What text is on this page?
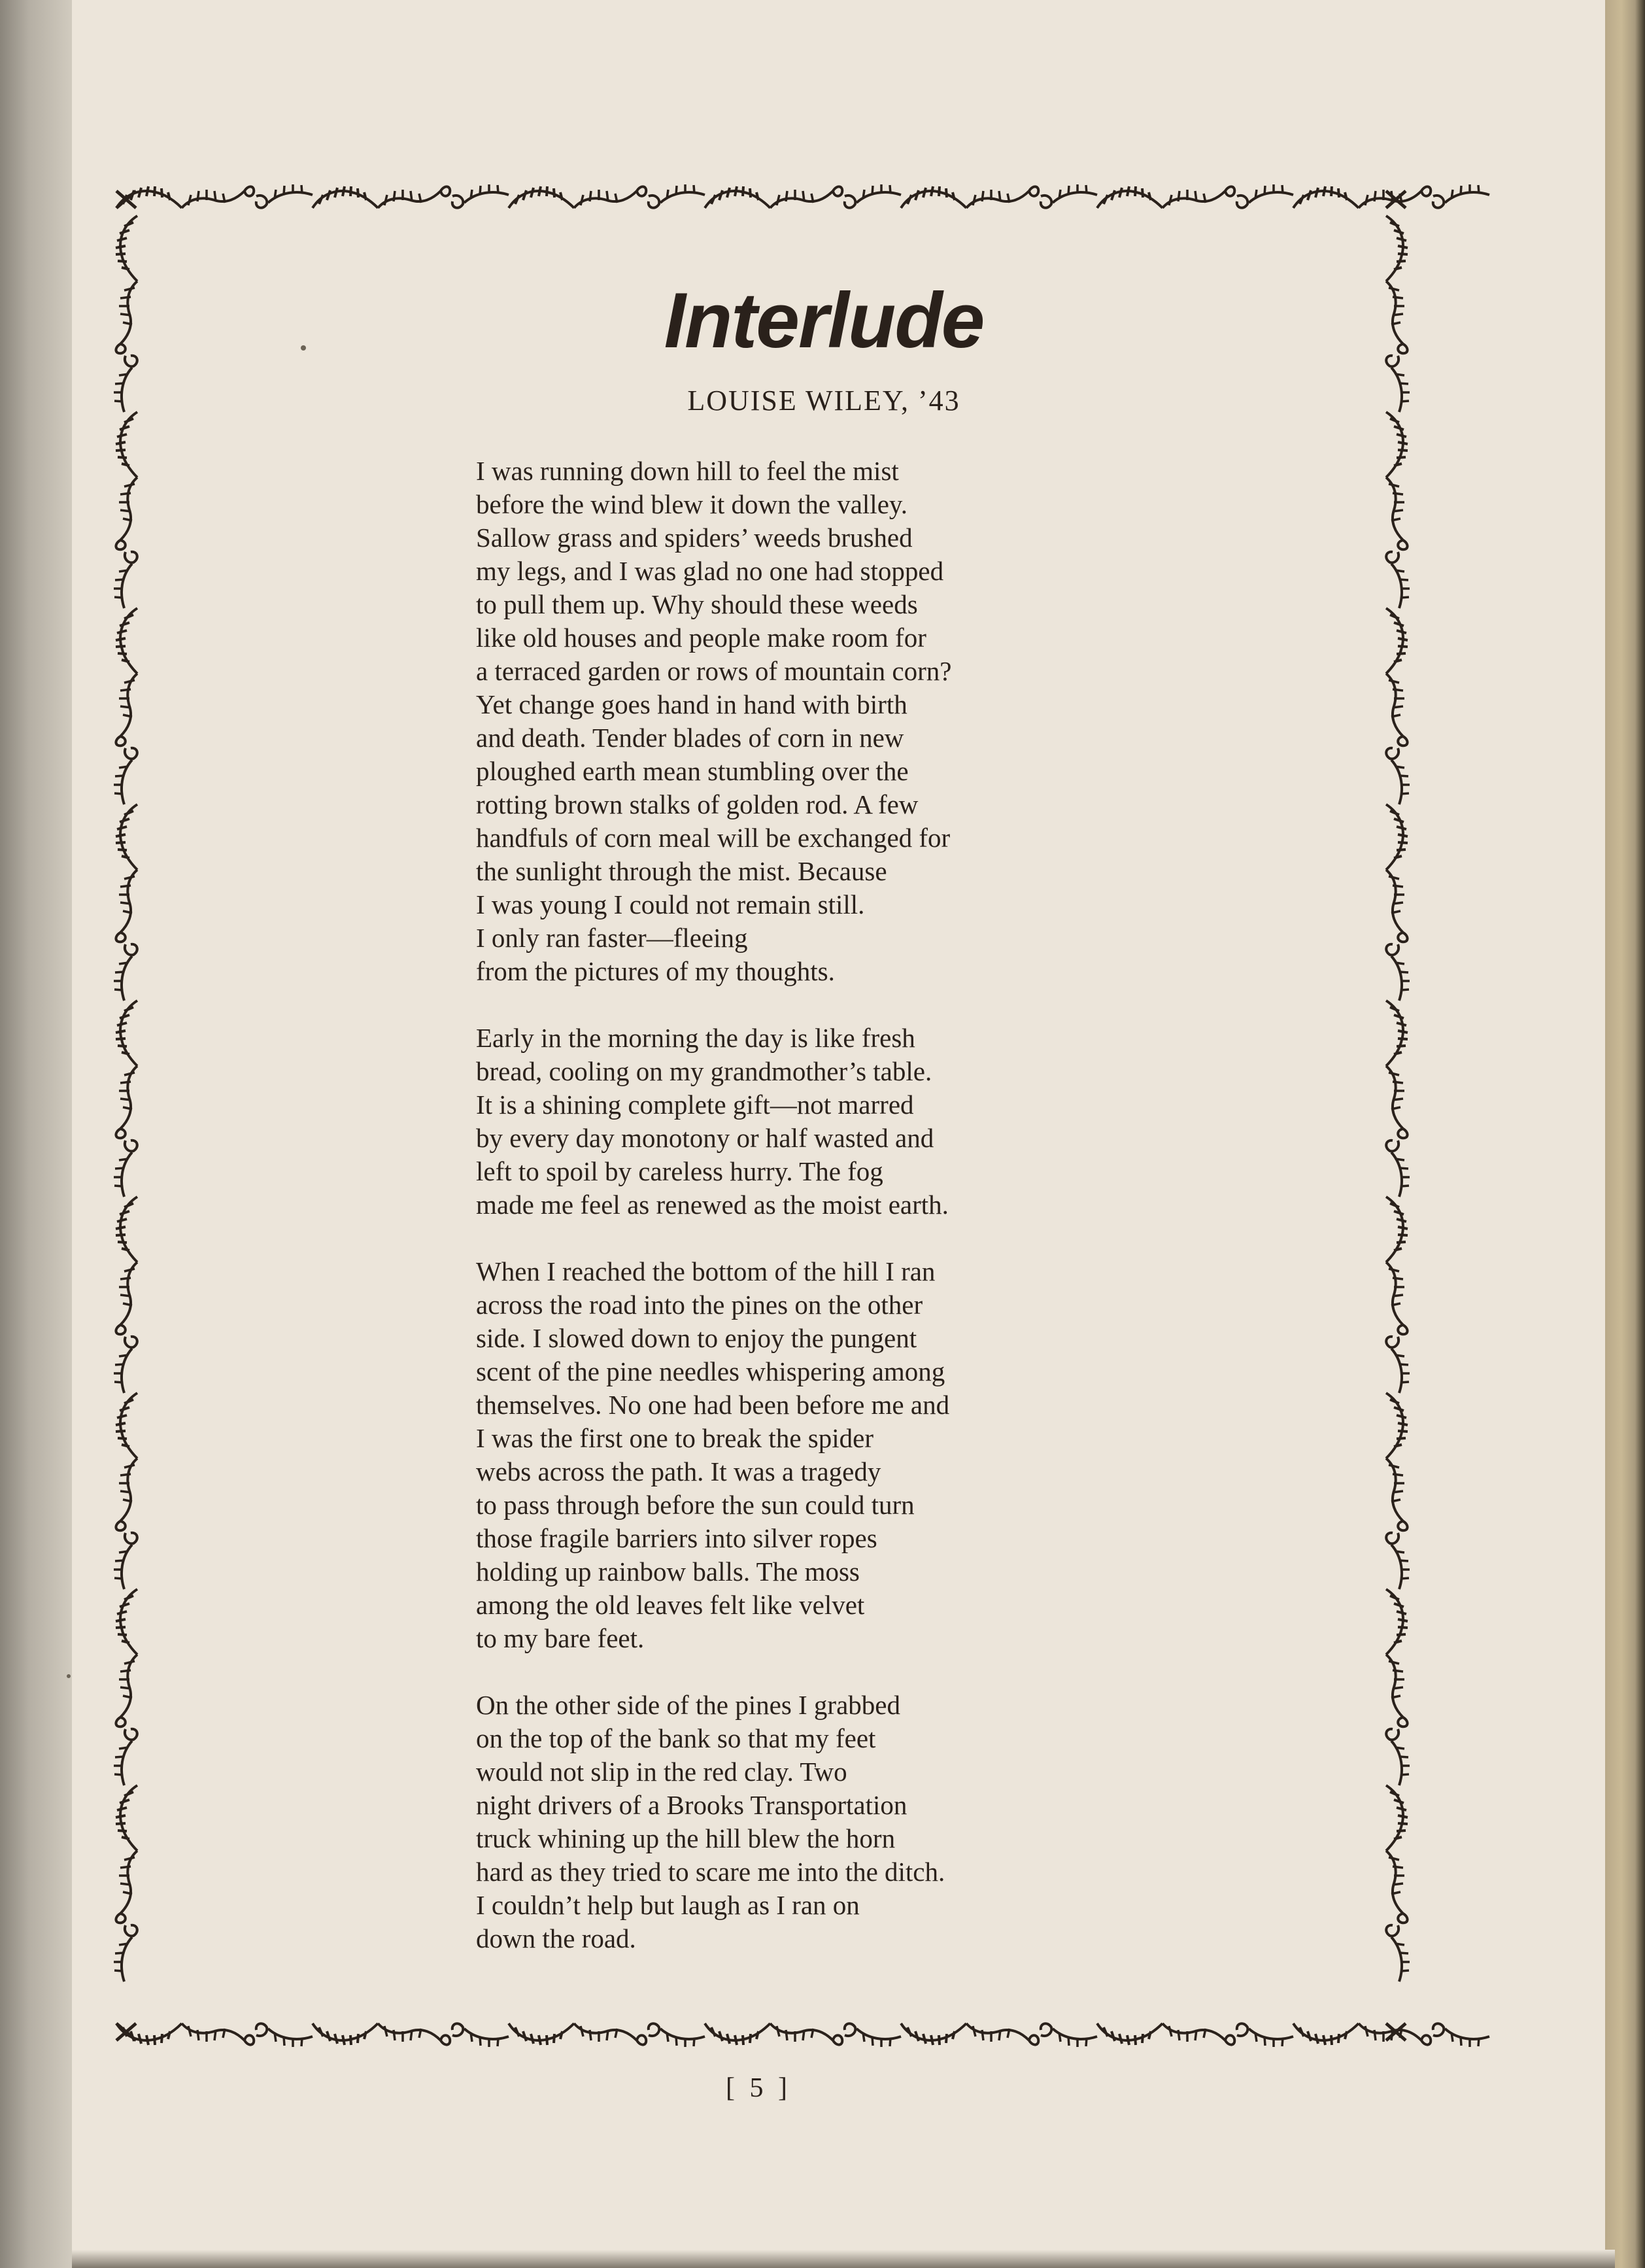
Interlude
LOUISE WILEY, ’43
I was running down hill to feel the mist
before the wind blew it down the valley.
Sallow grass and spiders’ weeds brushed
my legs, and I was glad no one had stopped
to pull them up. Why should these weeds
like old houses and people make room for
a terraced garden or rows of mountain corn?
Yet change goes hand in hand with birth
and death. Tender blades of corn in new
ploughed earth mean stumbling over the
rotting brown stalks of golden rod. A few
handfuls of corn meal will be exchanged for
the sunlight through the mist. Because
I was young I could not remain still.
I only ran faster—fleeing
from the pictures of my thoughts.
Early in the morning the day is like fresh
bread, cooling on my grandmother’s table.
It is a shining complete gift—not marred
by every day monotony or half wasted and
left to spoil by careless hurry. The fog
made me feel as renewed as the moist earth.
When I reached the bottom of the hill I ran
across the road into the pines on the other
side. I slowed down to enjoy the pungent
scent of the pine needles whispering among
themselves. No one had been before me and
I was the first one to break the spider
webs across the path. It was a tragedy
to pass through before the sun could turn
those fragile barriers into silver ropes
holding up rainbow balls. The moss
among the old leaves felt like velvet
to my bare feet.
On the other side of the pines I grabbed
on the top of the bank so that my feet
would not slip in the red clay. Two
night drivers of a Brooks Transportation
truck whining up the hill blew the horn
hard as they tried to scare me into the ditch.
I couldn’t help but laugh as I ran on
down the road.
[ 5 ]
